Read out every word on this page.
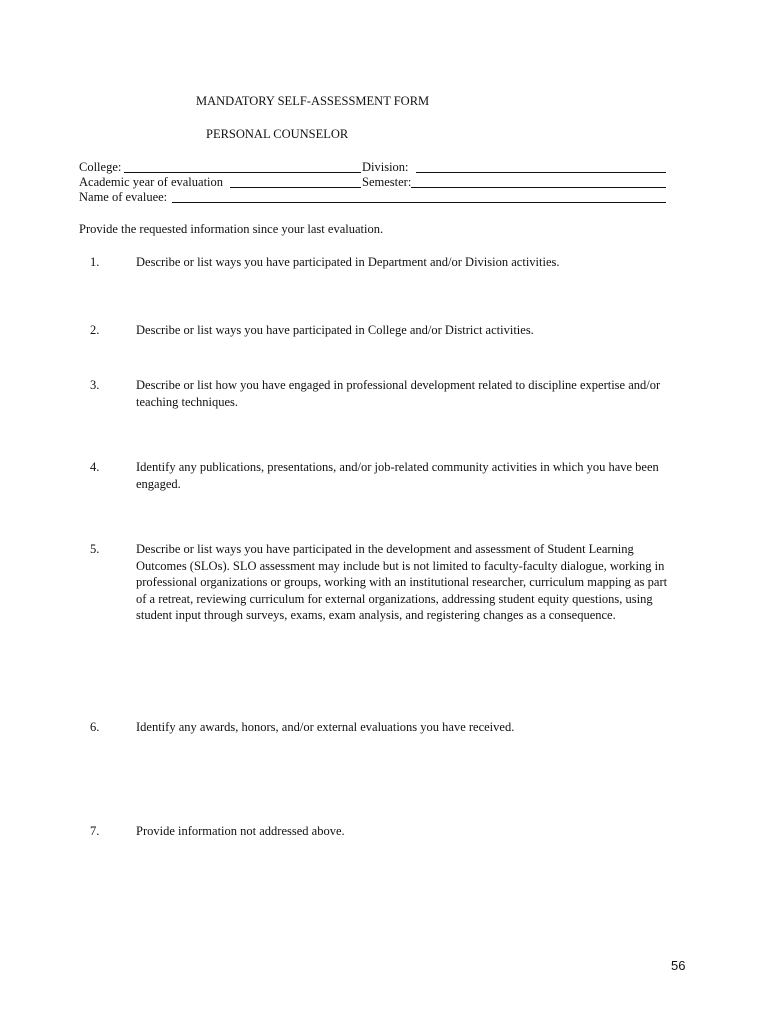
MANDATORY SELF-ASSESSMENT FORM
PERSONAL COUNSELOR
College:	Division:
Academic year of evaluation	Semester:
Name of evaluee:
Provide the requested information since your last evaluation.
1.	Describe or list ways you have participated in Department and/or Division activities.
2.	Describe or list ways you have participated in College and/or District activities.
3.	Describe or list how you have engaged in professional development related to discipline expertise and/or teaching techniques.
4.	Identify any publications, presentations, and/or job-related community activities in which you have been engaged.
5.	Describe or list ways you have participated in the development and assessment of Student Learning Outcomes (SLOs). SLO assessment may include but is not limited to faculty-faculty dialogue, working in professional organizations or groups, working with an institutional researcher, curriculum mapping as part of a retreat, reviewing curriculum for external organizations, addressing student equity questions, using student input through surveys, exams, exam analysis, and registering changes as a consequence.
6.	Identify any awards, honors, and/or external evaluations you have received.
7.	Provide information not addressed above.
56
